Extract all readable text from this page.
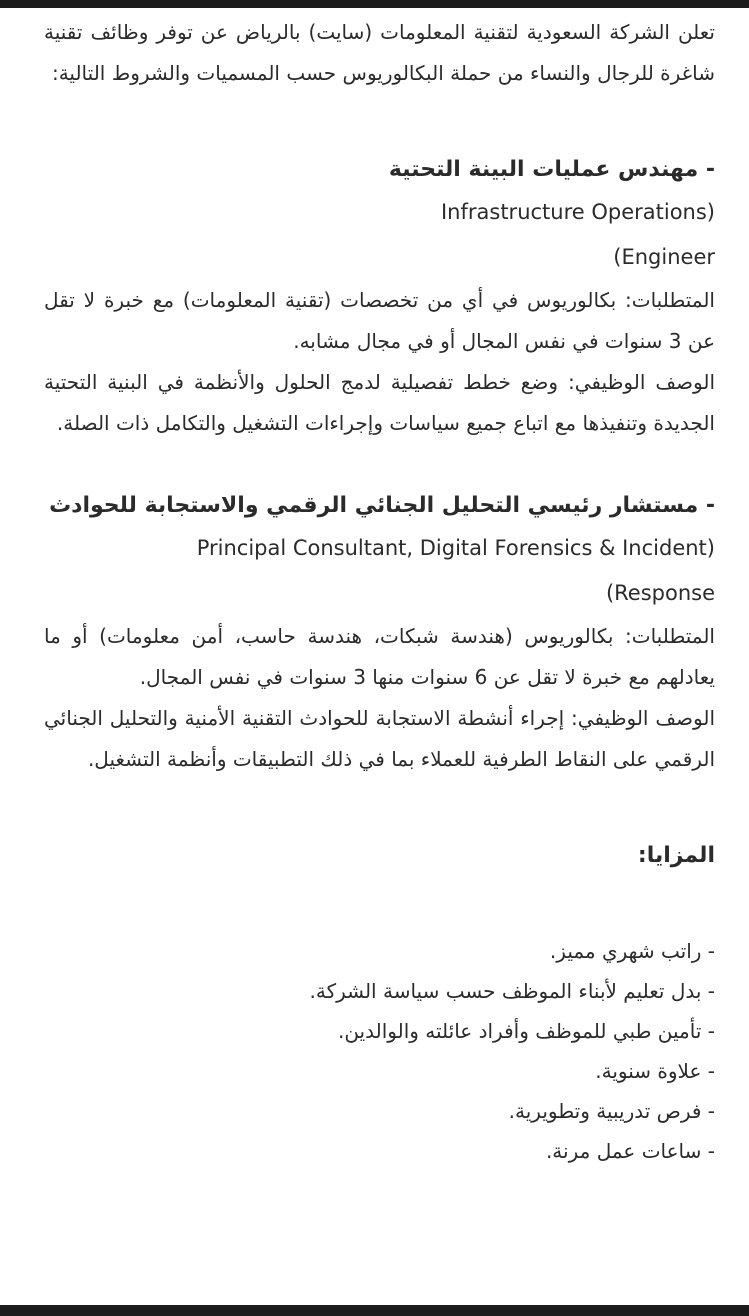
تعلن الشركة السعودية لتقنية المعلومات (سايت) بالرياض عن توفر وظائف تقنية شاغرة للرجال والنساء من حملة البكالوريوس حسب المسميات والشروط التالية:

- مهندس عمليات البينة التحتية

Infrastructure Operations)

(Engineer

المتطلبات: بكالوريوس في أي من تخصصات (تقنية المعلومات) مع خبرة لا تقل عن 3 سنوات في نفس المجال أو في مجال مشابه.

الوصف الوظيفي: وضع خطط تفصيلية لدمج الحلول والأنظمة في البنية التحتية الجديدة وتنفيذها مع اتباع جميع سياسات وإجراءات التشغيل والتكامل ذات الصلة.

- مستشار رئيسي التحليل الجنائي الرقمي والاستجابة للحوادث

Principal Consultant, Digital Forensics & Incident)

(Response

المتطلبات: بكالوريوس (هندسة شبكات، هندسة حاسب، أمن معلومات) أو ما يعادلهم مع خبرة لا تقل عن 6 سنوات منها 3 سنوات في نفس المجال.

الوصف الوظيفي: إجراء أنشطة الاستجابة للحوادث التقنية الأمنية والتحليل الجنائي الرقمي على النقاط الطرفية للعملاء بما في ذلك التطبيقات وأنظمة التشغيل.

المزايا:

- راتب شهري مميز.
- بدل تعليم لأبناء الموظف حسب سياسة الشركة.
- تأمين طبي للموظف وأفراد عائلته والوالدين.
- علاوة سنوية.
- فرص تدريبية وتطويرية.
- ساعات عمل مرنة.
